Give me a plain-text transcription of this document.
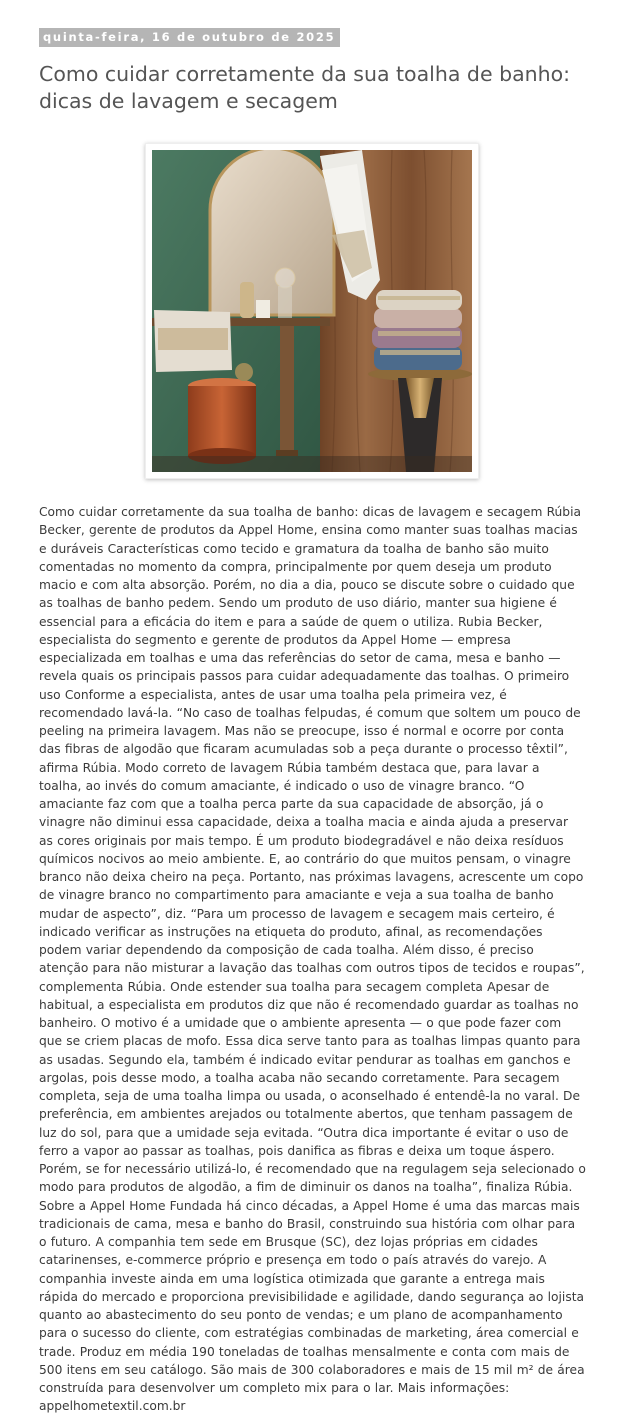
quinta-feira, 16 de outubro de 2025
Como cuidar corretamente da sua toalha de banho: dicas de lavagem e secagem
Como cuidar corretamente da sua toalha de banho: dicas de lavagem e secagem Rúbia Becker, gerente de produtos da Appel Home, ensina como manter suas toalhas macias e duráveis Características como tecido e gramatura da toalha de banho são muito comentadas no momento da compra, principalmente por quem deseja um produto macio e com alta absorção. Porém, no dia a dia, pouco se discute sobre o cuidado que as toalhas de banho pedem. Sendo um produto de uso diário, manter sua higiene é essencial para a eficácia do item e para a saúde de quem o utiliza. Rubia Becker, especialista do segmento e gerente de produtos da Appel Home — empresa especializada em toalhas e uma das referências do setor de cama, mesa e banho — revela quais os principais passos para cuidar adequadamente das toalhas. O primeiro uso Conforme a especialista, antes de usar uma toalha pela primeira vez, é recomendado lavá-la. “No caso de toalhas felpudas, é comum que soltem um pouco de peeling na primeira lavagem. Mas não se preocupe, isso é normal e ocorre por conta das fibras de algodão que ficaram acumuladas sob a peça durante o processo têxtil”, afirma Rúbia. Modo correto de lavagem Rúbia também destaca que, para lavar a toalha, ao invés do comum amaciante, é indicado o uso de vinagre branco. “O amaciante faz com que a toalha perca parte da sua capacidade de absorção, já o vinagre não diminui essa capacidade, deixa a toalha macia e ainda ajuda a preservar as cores originais por mais tempo. É um produto biodegradável e não deixa resíduos químicos nocivos ao meio ambiente. E, ao contrário do que muitos pensam, o vinagre branco não deixa cheiro na peça. Portanto, nas próximas lavagens, acrescente um copo de vinagre branco no compartimento para amaciante e veja a sua toalha de banho mudar de aspecto”, diz. “Para um processo de lavagem e secagem mais certeiro, é indicado verificar as instruções na etiqueta do produto, afinal, as recomendações podem variar dependendo da composição de cada toalha. Além disso, é preciso atenção para não misturar a lavação das toalhas com outros tipos de tecidos e roupas”, complementa Rúbia. Onde estender sua toalha para secagem completa Apesar de habitual, a especialista em produtos diz que não é recomendado guardar as toalhas no banheiro. O motivo é a umidade que o ambiente apresenta — o que pode fazer com que se criem placas de mofo. Essa dica serve tanto para as toalhas limpas quanto para as usadas. Segundo ela, também é indicado evitar pendurar as toalhas em ganchos e argolas, pois desse modo, a toalha acaba não secando corretamente. Para secagem completa, seja de uma toalha limpa ou usada, o aconselhado é entendê-la no varal. De preferência, em ambientes arejados ou totalmente abertos, que tenham passagem de luz do sol, para que a umidade seja evitada. “Outra dica importante é evitar o uso de ferro a vapor ao passar as toalhas, pois danifica as fibras e deixa um toque áspero. Porém, se for necessário utilizá-lo, é recomendado que na regulagem seja selecionado o modo para produtos de algodão, a fim de diminuir os danos na toalha”, finaliza Rúbia. Sobre a Appel Home Fundada há cinco décadas, a Appel Home é uma das marcas mais tradicionais de cama, mesa e banho do Brasil, construindo sua história com olhar para o futuro. A companhia tem sede em Brusque (SC), dez lojas próprias em cidades catarinenses, e-commerce próprio e presença em todo o país através do varejo. A companhia investe ainda em uma logística otimizada que garante a entrega mais rápida do mercado e proporciona previsibilidade e agilidade, dando segurança ao lojista quanto ao abastecimento do seu ponto de vendas; e um plano de acompanhamento para o sucesso do cliente, com estratégias combinadas de marketing, área comercial e trade. Produz em média 190 toneladas de toalhas mensalmente e conta com mais de 500 itens em seu catálogo. São mais de 300 colaboradores e mais de 15 mil m² de área construída para desenvolver um completo mix para o lar. Mais informações: appelhometextil.com.br
